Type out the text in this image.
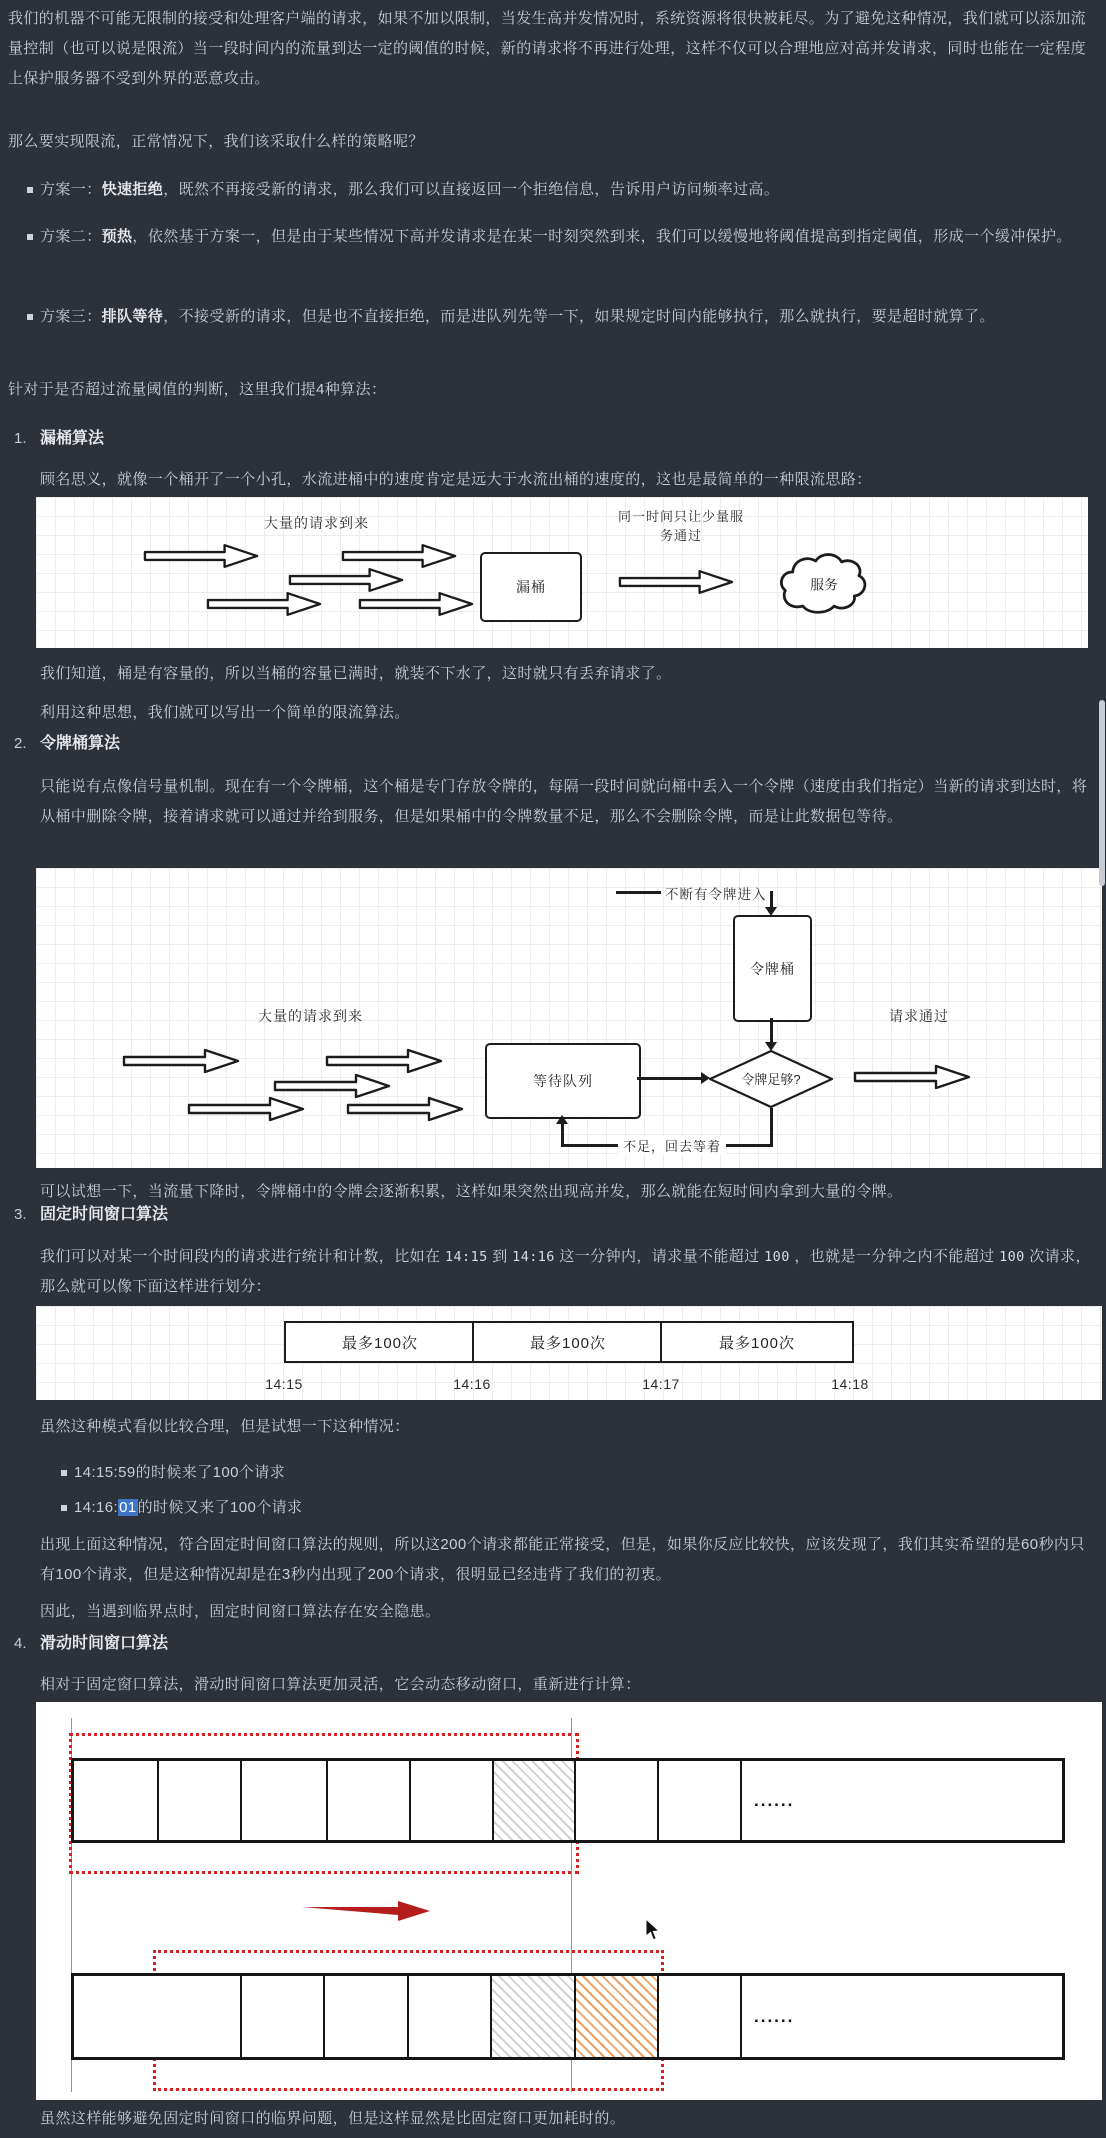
我们的机器不可能无限制的接受和处理客户端的请求，如果不加以限制，当发生高并发情况时，系统资源将很快被耗尽。为了避免这种情况，我们就可以添加流量控制（也可以说是限流）当一段时间内的流量到达一定的阈值的时候，新的请求将不再进行处理，这样不仅可以合理地应对高并发请求，同时也能在一定程度上保护服务器不受到外界的恶意攻击。

那么要实现限流，正常情况下，我们该采取什么样的策略呢？

方案一：快速拒绝，既然不再接受新的请求，那么我们可以直接返回一个拒绝信息，告诉用户访问频率过高。
方案二：预热，依然基于方案一，但是由于某些情况下高并发请求是在某一时刻突然到来，我们可以缓慢地将阈值提高到指定阈值，形成一个缓冲保护。
方案三：排队等待，不接受新的请求，但是也不直接拒绝，而是进队列先等一下，如果规定时间内能够执行，那么就执行，要是超时就算了。

针对于是否超过流量阈值的判断，这里我们提4种算法：

1. 漏桶算法

顾名思义，就像一个桶开了一个小孔，水流进桶中的速度肯定是远大于水流出桶的速度的，这也是最简单的一种限流思路：

大量的请求到来	同一时间只让少量服
务通过
漏桶	服务

我们知道，桶是有容量的，所以当桶的容量已满时，就装不下水了，这时就只有丢弃请求了。

利用这种思想，我们就可以写出一个简单的限流算法。

2. 令牌桶算法

只能说有点像信号量机制。现在有一个令牌桶，这个桶是专门存放令牌的，每隔一段时间就向桶中丢入一个令牌（速度由我们指定）当新的请求到达时，将从桶中删除令牌，接着请求就可以通过并给到服务，但是如果桶中的令牌数量不足，那么不会删除令牌，而是让此数据包等待。

不断有令牌进入
令牌桶
大量的请求到来	请求通过
等待队列	令牌足够?
不足，回去等着

可以试想一下，当流量下降时，令牌桶中的令牌会逐渐积累，这样如果突然出现高并发，那么就能在短时间内拿到大量的令牌。

3. 固定时间窗口算法

我们可以对某一个时间段内的请求进行统计和计数，比如在 14:15 到 14:16 这一分钟内，请求量不能超过 100 ，也就是一分钟之内不能超过 100 次请求，那么就可以像下面这样进行划分：

最多100次	最多100次	最多100次
14:15	14:16	14:17	14:18

虽然这种模式看似比较合理，但是试想一下这种情况：

14:15:59的时候来了100个请求
14:16:01的时候又来了100个请求

出现上面这种情况，符合固定时间窗口算法的规则，所以这200个请求都能正常接受，但是，如果你反应比较快，应该发现了，我们其实希望的是60秒内只有100个请求，但是这种情况却是在3秒内出现了200个请求，很明显已经违背了我们的初衷。

因此，当遇到临界点时，固定时间窗口算法存在安全隐患。

4. 滑动时间窗口算法

相对于固定窗口算法，滑动时间窗口算法更加灵活，它会动态移动窗口，重新进行计算：

......
......

虽然这样能够避免固定时间窗口的临界问题，但是这样显然是比固定窗口更加耗时的。
